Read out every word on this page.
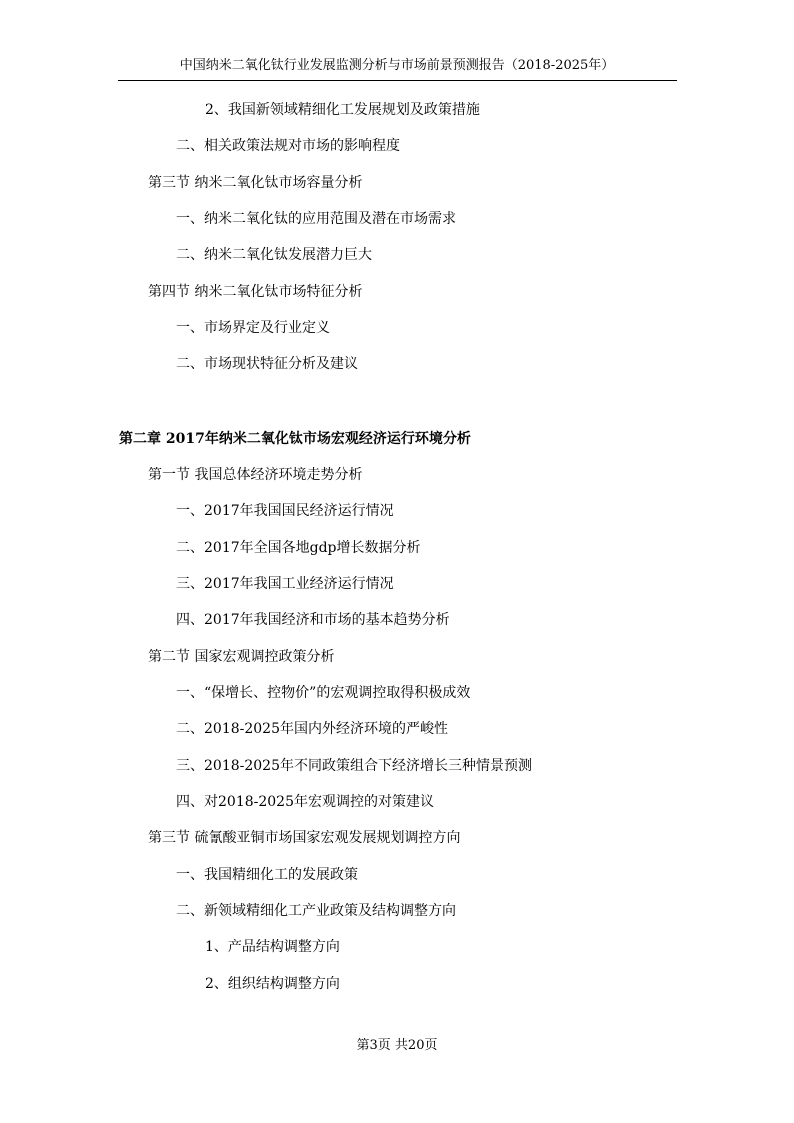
中国纳米二氧化钛行业发展监测分析与市场前景预测报告（2018-2025年）
2、我国新领域精细化工发展规划及政策措施
二、相关政策法规对市场的影响程度
第三节 纳米二氧化钛市场容量分析
一、纳米二氧化钛的应用范围及潜在市场需求
二、纳米二氧化钛发展潜力巨大
第四节 纳米二氧化钛市场特征分析
一、市场界定及行业定义
二、市场现状特征分析及建议
第二章 2017年纳米二氧化钛市场宏观经济运行环境分析
第一节 我国总体经济环境走势分析
一、2017年我国国民经济运行情况
二、2017年全国各地gdp增长数据分析
三、2017年我国工业经济运行情况
四、2017年我国经济和市场的基本趋势分析
第二节 国家宏观调控政策分析
一、“保增长、控物价”的宏观调控取得积极成效
二、2018-2025年国内外经济环境的严峻性
三、2018-2025年不同政策组合下经济增长三种情景预测
四、对2018-2025年宏观调控的对策建议
第三节 硫氰酸亚铜市场国家宏观发展规划调控方向
一、我国精细化工的发展政策
二、新领域精细化工产业政策及结构调整方向
1、产品结构调整方向
2、组织结构调整方向
第3页 共20页
